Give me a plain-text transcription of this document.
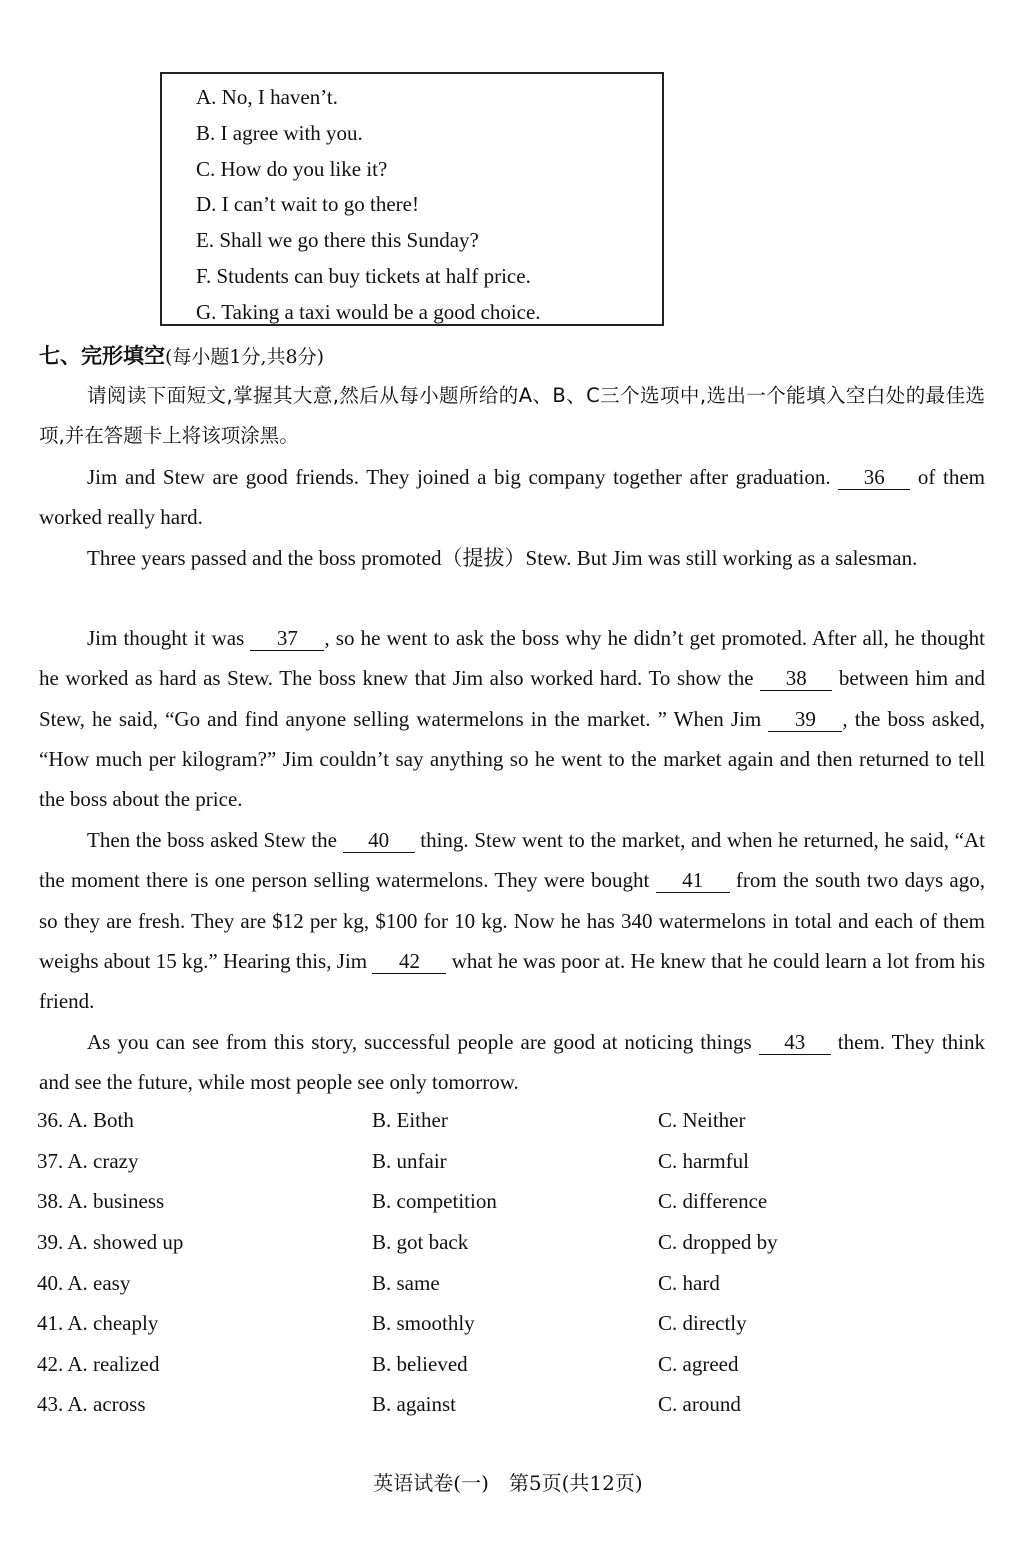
A. No, I haven’t.
B. I agree with you.
C. How do you like it?
D. I can’t wait to go there!
E. Shall we go there this Sunday?
F. Students can buy tickets at half price.
G. Taking a taxi would be a good choice.
七、完形填空(每小题1分,共8分)
请阅读下面短文,掌握其大意,然后从每小题所给的A、B、C三个选项中,选出一个能填入空白处的最佳选项,并在答题卡上将该项涂黑。
Jim and Stew are good friends. They joined a big company together after graduation. 36 of them worked really hard.
Three years passed and the boss promoted（提拔）Stew. But Jim was still working as a salesman.
Jim thought it was 37 , so he went to ask the boss why he didn’t get promoted. After all, he thought he worked as hard as Stew. The boss knew that Jim also worked hard. To show the 38 between him and Stew, he said, “Go and find anyone selling watermelons in the market. ” When Jim 39 , the boss asked, “How much per kilogram?” Jim couldn’t say anything so he went to the market again and then returned to tell the boss about the price.
Then the boss asked Stew the 40 thing. Stew went to the market, and when he returned, he said, “At the moment there is one person selling watermelons. They were bought 41 from the south two days ago, so they are fresh. They are $12 per kg, $100 for 10 kg. Now he has 340 watermelons in total and each of them weighs about 15 kg.” Hearing this, Jim 42 what he was poor at. He knew that he could learn a lot from his friend.
As you can see from this story, successful people are good at noticing things 43 them. They think and see the future, while most people see only tomorrow.
36. A. Both	B. Either	C. Neither
37. A. crazy	B. unfair	C. harmful
38. A. business	B. competition	C. difference
39. A. showed up	B. got back	C. dropped by
40. A. easy	B. same	C. hard
41. A. cheaply	B. smoothly	C. directly
42. A. realized	B. believed	C. agreed
43. A. across	B. against	C. around
英语试卷(一)　第5页(共12页)
